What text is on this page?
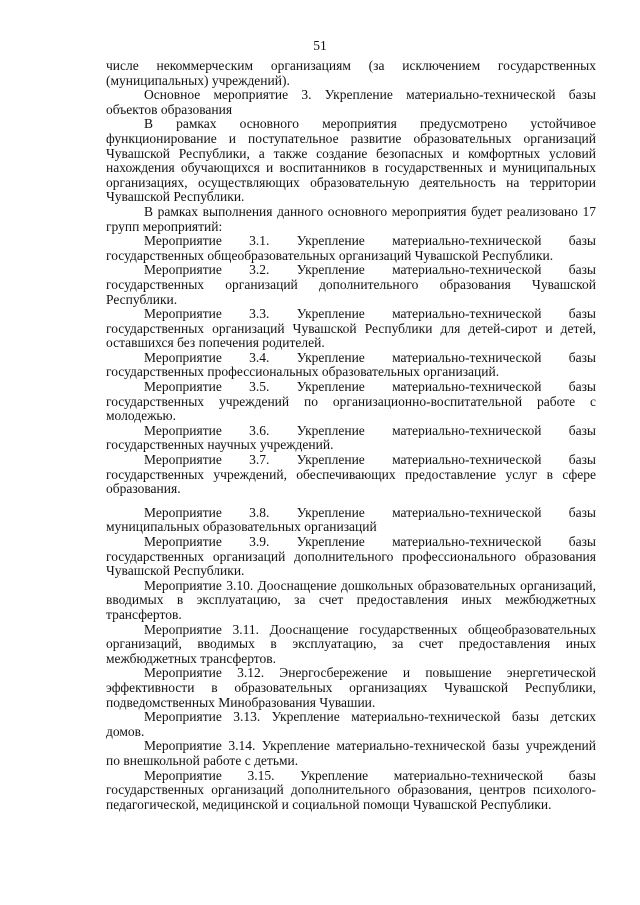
51

числе некоммерческим организациям (за исключением государственных (муниципальных) учреждений).

Основное мероприятие 3. Укрепление материально-технической базы объектов образования

В рамках основного мероприятия предусмотрено устойчивое функционирование и поступательное развитие образовательных организаций Чувашской Республики, а также создание безопасных и комфортных условий нахождения обучающихся и воспитанников в государственных и муниципальных организациях, осуществляющих образовательную деятельность на территории Чувашской Республики.

В рамках выполнения данного основного мероприятия будет реализовано 17 групп мероприятий:

Мероприятие 3.1. Укрепление материально-технической базы государственных общеобразовательных организаций Чувашской Республики.

Мероприятие 3.2. Укрепление материально-технической базы государственных организаций дополнительного образования Чувашской Республики.

Мероприятие 3.3. Укрепление материально-технической базы государственных организаций Чувашской Республики для детей-сирот и детей, оставшихся без попечения родителей.

Мероприятие 3.4. Укрепление материально-технической базы государственных профессиональных образовательных организаций.

Мероприятие 3.5. Укрепление материально-технической базы государственных учреждений по организационно-воспитательной работе с молодежью.

Мероприятие 3.6. Укрепление материально-технической базы государственных научных учреждений.

Мероприятие 3.7. Укрепление материально-технической базы государственных учреждений, обеспечивающих предоставление услуг в сфере образования.

Мероприятие 3.8. Укрепление материально-технической базы муниципальных образовательных организаций

Мероприятие 3.9. Укрепление материально-технической базы государственных организаций дополнительного профессионального образования Чувашской Республики.

Мероприятие 3.10. Дооснащение дошкольных образовательных организаций, вводимых в эксплуатацию, за счет предоставления иных межбюджетных трансфертов.

Мероприятие 3.11. Дооснащение государственных общеобразовательных организаций, вводимых в эксплуатацию, за счет предоставления иных межбюджетных трансфертов.

Мероприятие 3.12. Энергосбережение и повышение энергетической эффективности в образовательных организациях Чувашской Республики, подведомственных Минобразования Чувашии.

Мероприятие 3.13. Укрепление материально-технической базы детских домов.

Мероприятие 3.14. Укрепление материально-технической базы учреждений по внешкольной работе с детьми.

Мероприятие 3.15. Укрепление материально-технической базы государственных организаций дополнительного образования, центров психолого-педагогической, медицинской и социальной помощи Чувашской Республики.
